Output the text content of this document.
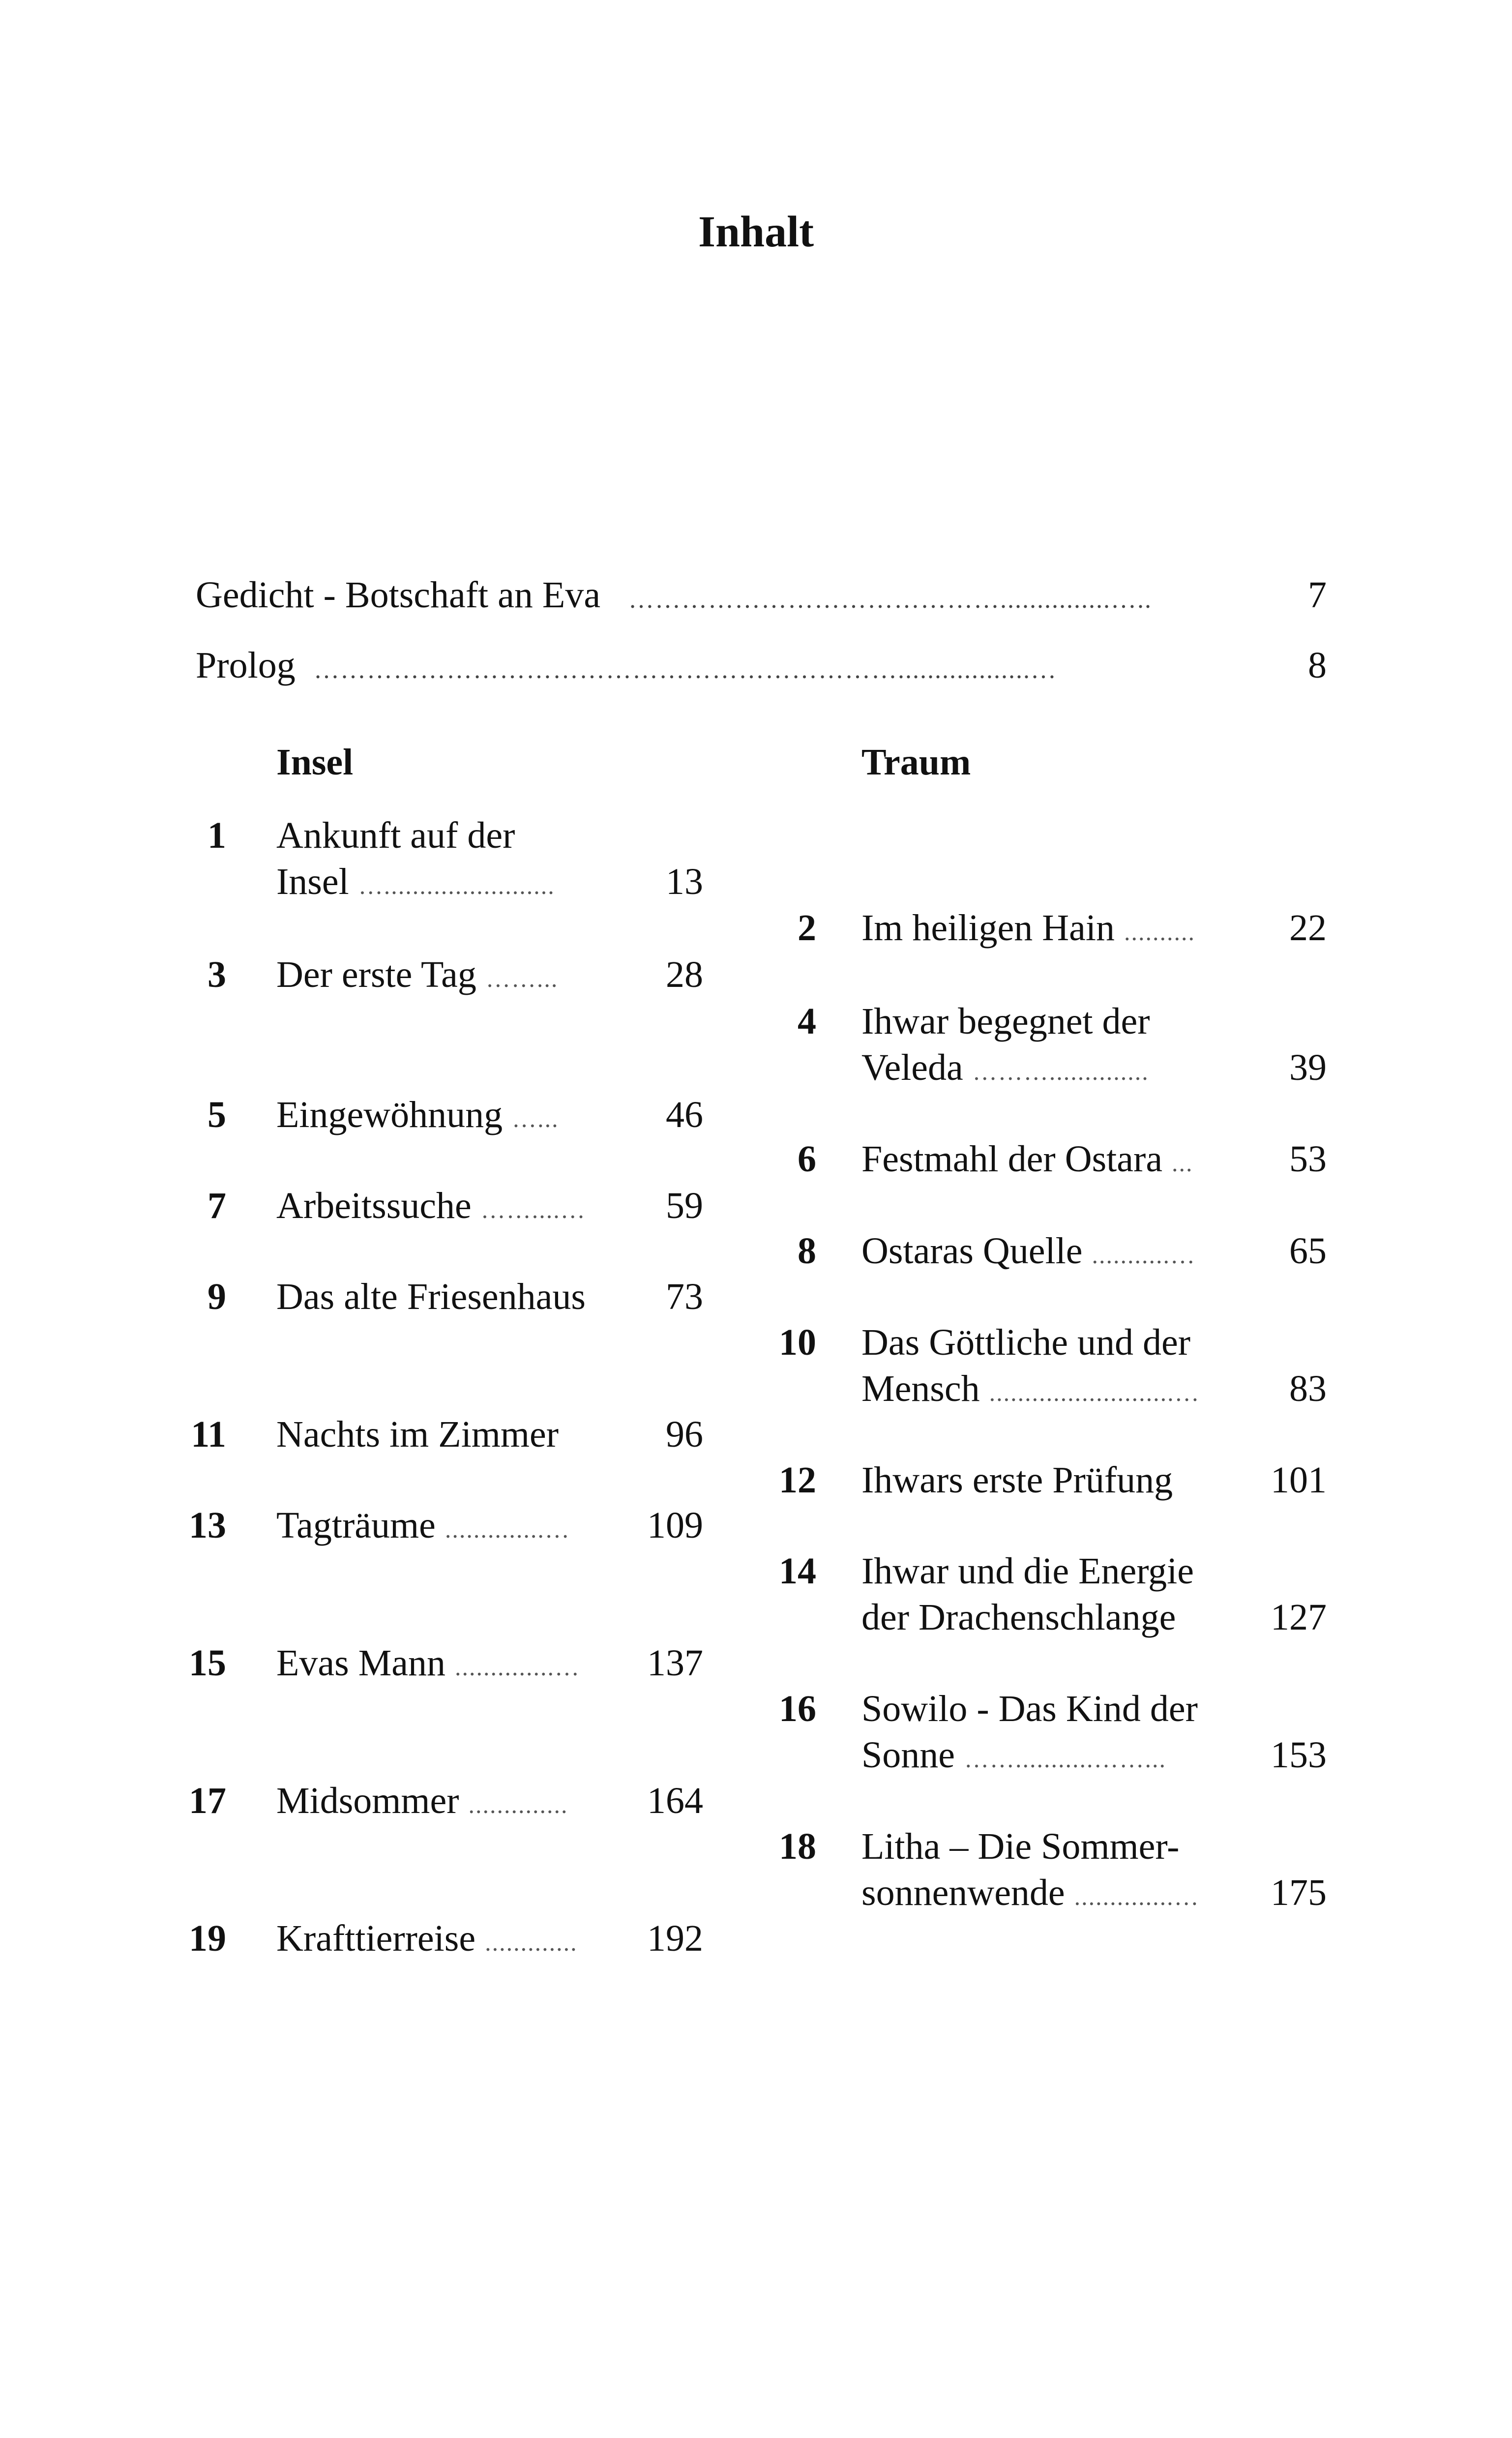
Inhalt
Gedicht - Botschaft an Eva ……………………………………...............…..	7
Prolog …………………………………………………………..................…	8
Insel	Traum
1 Ankunft auf der
Insel …........................	13
3 Der erste Tag ……...	28
5 Eingewöhnung …...	46
7 Arbeitssuche ……....… 59
9 Das alte Friesenhaus 73
11 Nachts im Zimmer	96
13 Tagträume ..............… 109
15 Evas Mann ..............… 137
17 Midsommer .............. 164
19 Krafttierreise ............. 192
2 Im heiligen Hain ..........	22
4 Ihwar begegnet der
Veleda ………..............	39
6 Festmahl der Ostara ...	53
8 Ostaras Quelle ...........… 65
10 Das Göttliche und der
Mensch ..........................… 83
12 Ihwars erste Prüfung	101
14 Ihwar und die Energie
der Drachenschlange	127
16 Sowilo - Das Kind der
Sonne ……...........……...	153
18 Litha – Die Sommer-
sonnenwende ..............… 175
